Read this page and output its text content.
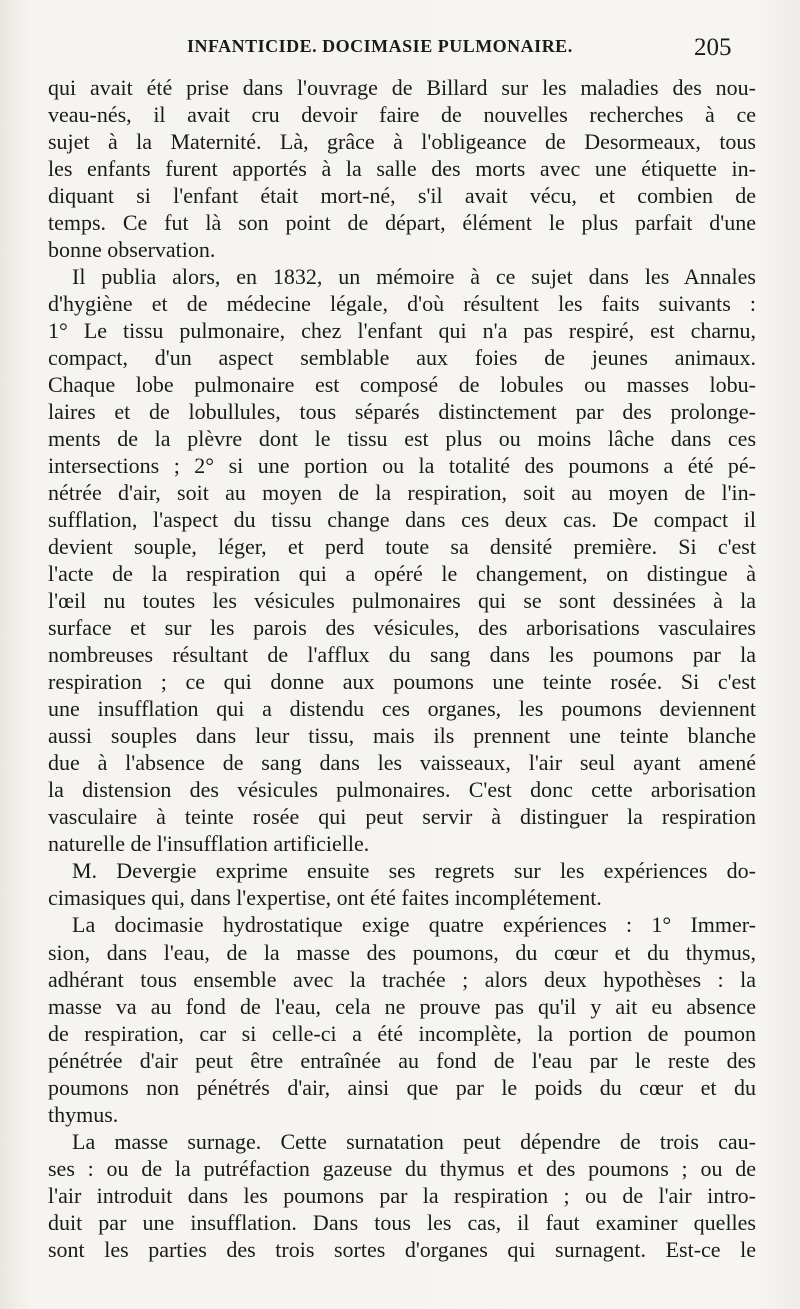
INFANTICIDE. DOCIMASIE PULMONAIRE.	205
qui avait été prise dans l'ouvrage de Billard sur les maladies des nou-
veau-nés, il avait cru devoir faire de nouvelles recherches à ce
sujet à la Maternité. Là, grâce à l'obligeance de Desormeaux, tous
les enfants furent apportés à la salle des morts avec une étiquette in-
diquant si l'enfant était mort-né, s'il avait vécu, et combien de
temps. Ce fut là son point de départ, élément le plus parfait d'une
bonne observation.
Il publia alors, en 1832, un mémoire à ce sujet dans les Annales
d'hygiène et de médecine légale, d'où résultent les faits suivants :
1° Le tissu pulmonaire, chez l'enfant qui n'a pas respiré, est charnu,
compact, d'un aspect semblable aux foies de jeunes animaux.
Chaque lobe pulmonaire est composé de lobules ou masses lobu-
laires et de lobullules, tous séparés distinctement par des prolonge-
ments de la plèvre dont le tissu est plus ou moins lâche dans ces
intersections ; 2° si une portion ou la totalité des poumons a été pé-
nétrée d'air, soit au moyen de la respiration, soit au moyen de l'in-
sufflation, l'aspect du tissu change dans ces deux cas. De compact il
devient souple, léger, et perd toute sa densité première. Si c'est
l'acte de la respiration qui a opéré le changement, on distingue à
l'œil nu toutes les vésicules pulmonaires qui se sont dessinées à la
surface et sur les parois des vésicules, des arborisations vasculaires
nombreuses résultant de l'afflux du sang dans les poumons par la
respiration ; ce qui donne aux poumons une teinte rosée. Si c'est
une insufflation qui a distendu ces organes, les poumons deviennent
aussi souples dans leur tissu, mais ils prennent une teinte blanche
due à l'absence de sang dans les vaisseaux, l'air seul ayant amené
la distension des vésicules pulmonaires. C'est donc cette arborisation
vasculaire à teinte rosée qui peut servir à distinguer la respiration
naturelle de l'insufflation artificielle.
M. Devergie exprime ensuite ses regrets sur les expériences do-
cimasiques qui, dans l'expertise, ont été faites incomplétement.
La docimasie hydrostatique exige quatre expériences : 1° Immer-
sion, dans l'eau, de la masse des poumons, du cœur et du thymus,
adhérant tous ensemble avec la trachée ; alors deux hypothèses : la
masse va au fond de l'eau, cela ne prouve pas qu'il y ait eu absence
de respiration, car si celle-ci a été incomplète, la portion de poumon
pénétrée d'air peut être entraînée au fond de l'eau par le reste des
poumons non pénétrés d'air, ainsi que par le poids du cœur et du
thymus.
La masse surnage. Cette surnatation peut dépendre de trois cau-
ses : ou de la putréfaction gazeuse du thymus et des poumons ; ou de
l'air introduit dans les poumons par la respiration ; ou de l'air intro-
duit par une insufflation. Dans tous les cas, il faut examiner quelles
sont les parties des trois sortes d'organes qui surnagent. Est-ce le
